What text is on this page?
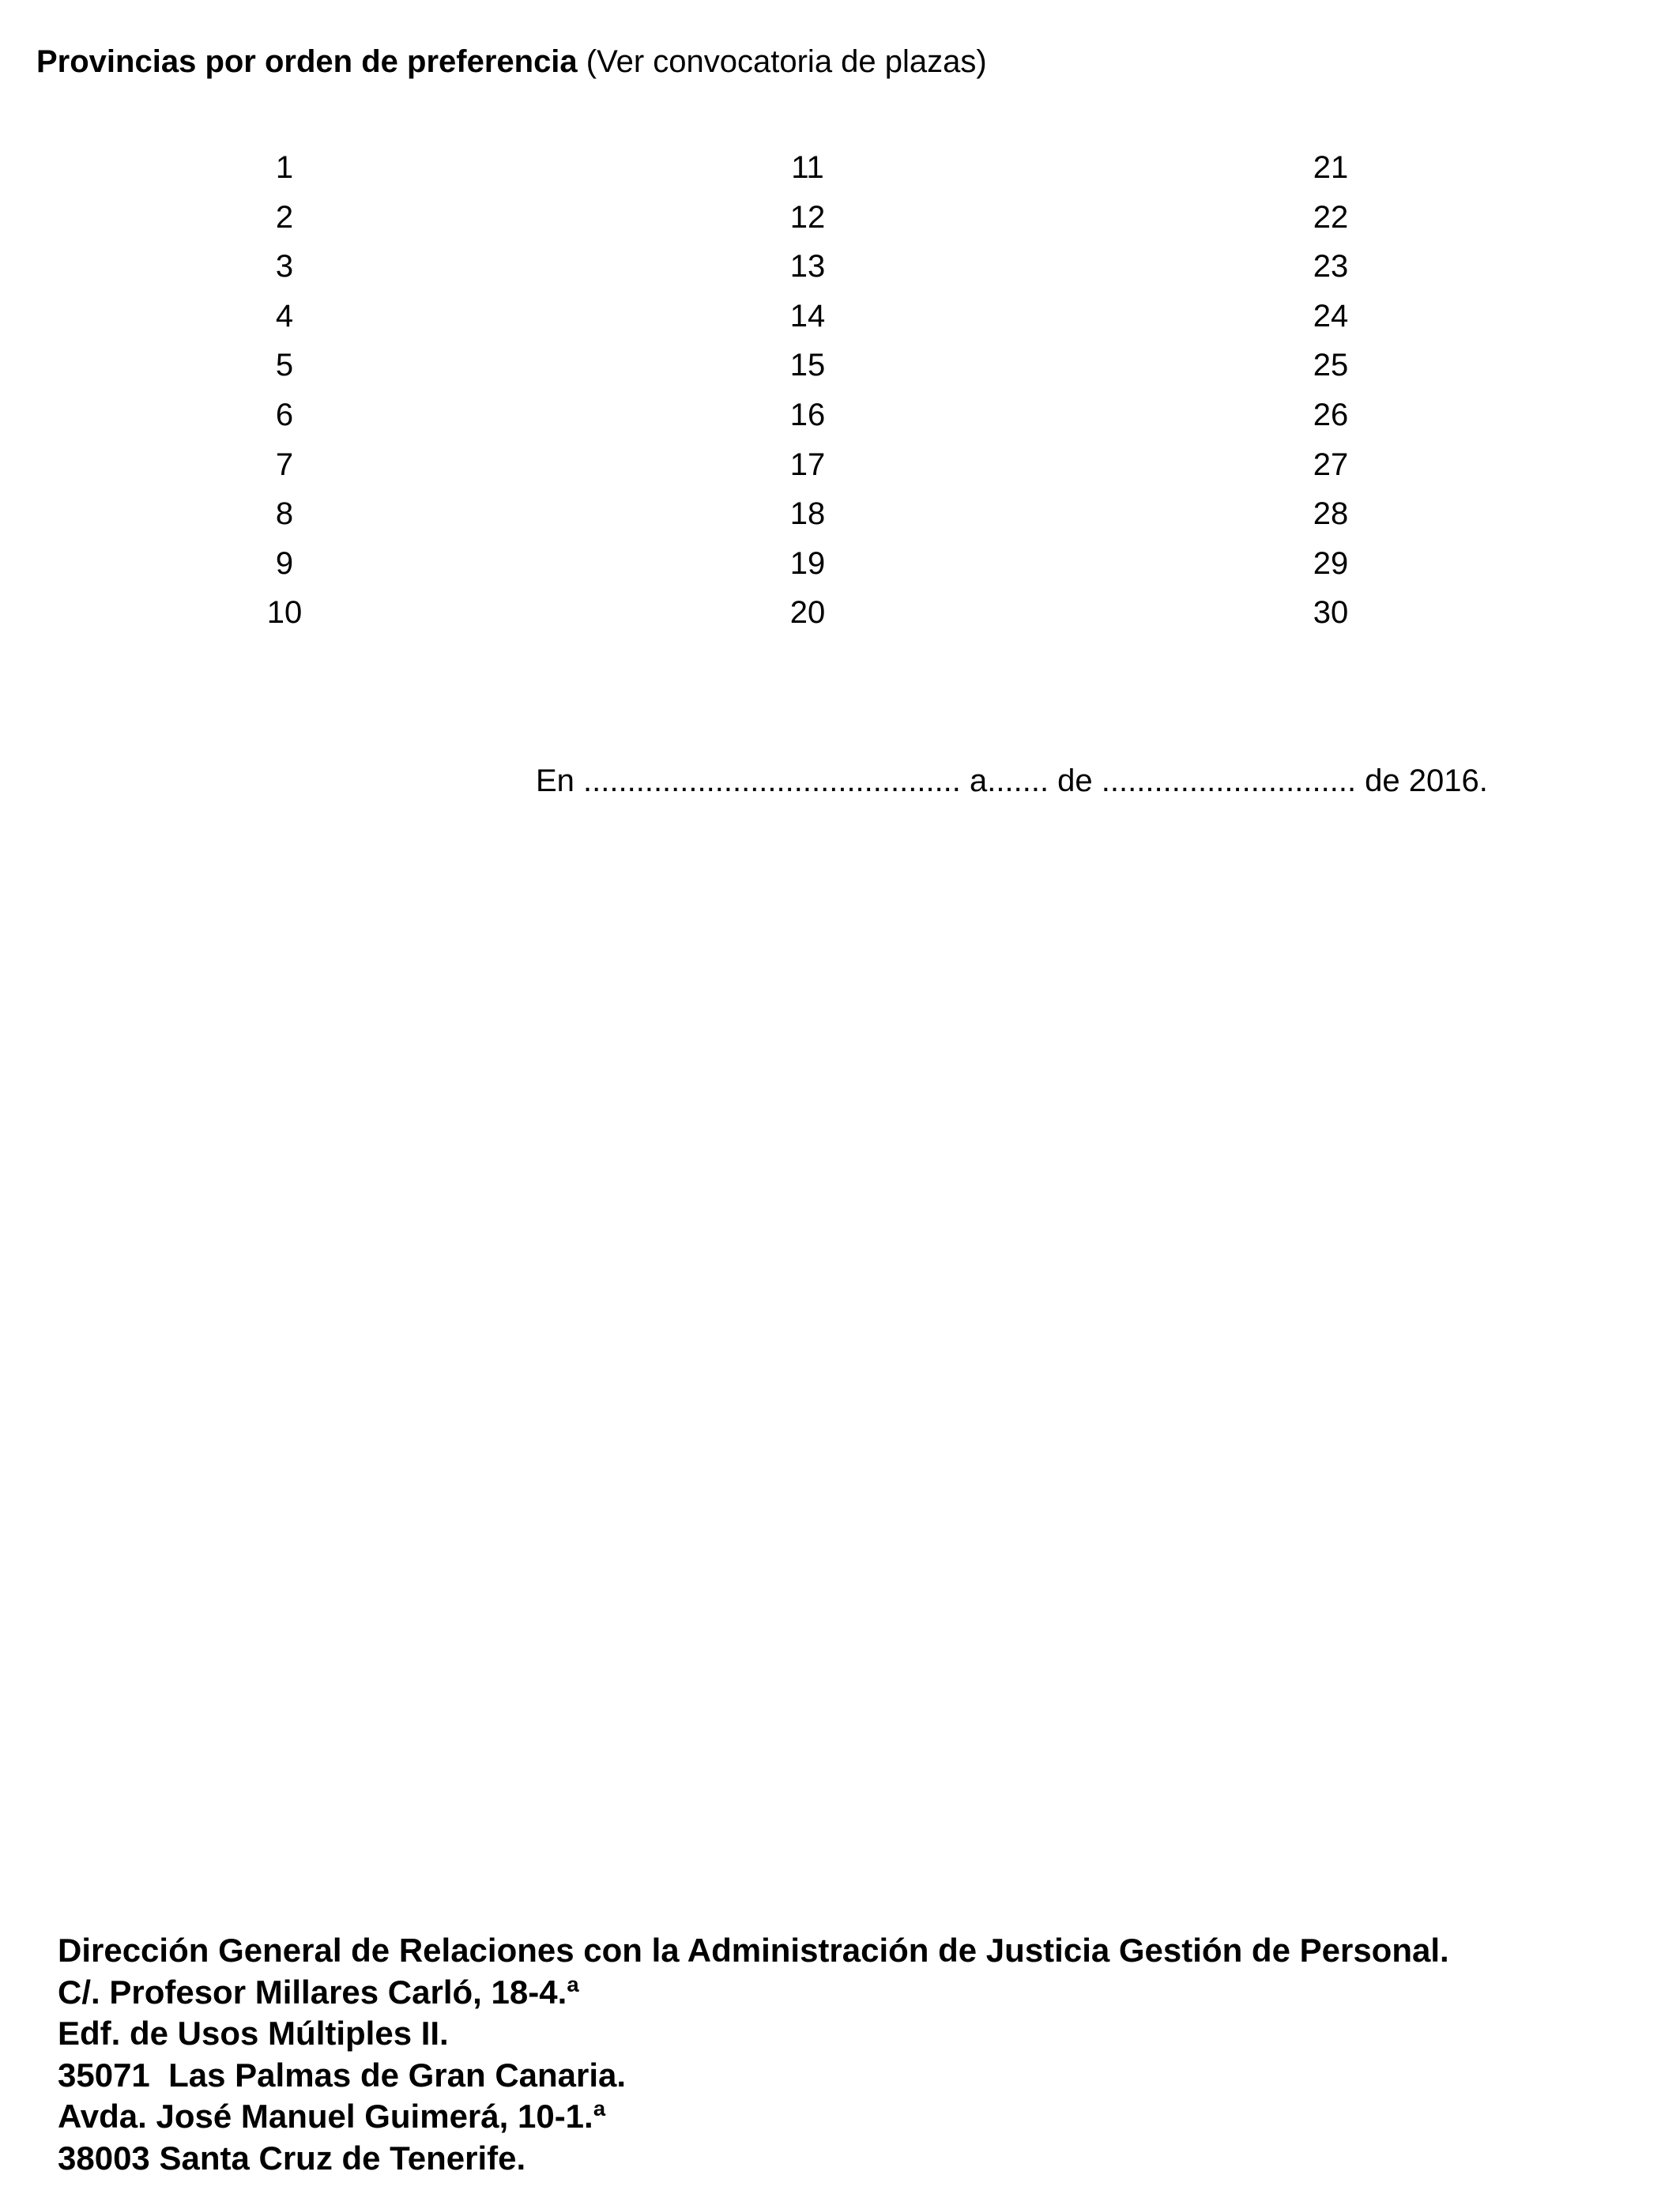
Provincias por orden de preferencia (Ver convocatoria de plazas)
1
2
3
4
5
6
7
8
9
10
11
12
13
14
15
16
17
18
19
20
21
22
23
24
25
26
27
28
29
30
En ........................................... a....... de ............................. de 2016.
Dirección General de Relaciones con la Administración de Justicia Gestión de Personal.
C/. Profesor Millares Carló, 18-4.ª
Edf. de Usos Múltiples II.
35071  Las Palmas de Gran Canaria.
Avda. José Manuel Guimerá, 10-1.ª
38003 Santa Cruz de Tenerife.
